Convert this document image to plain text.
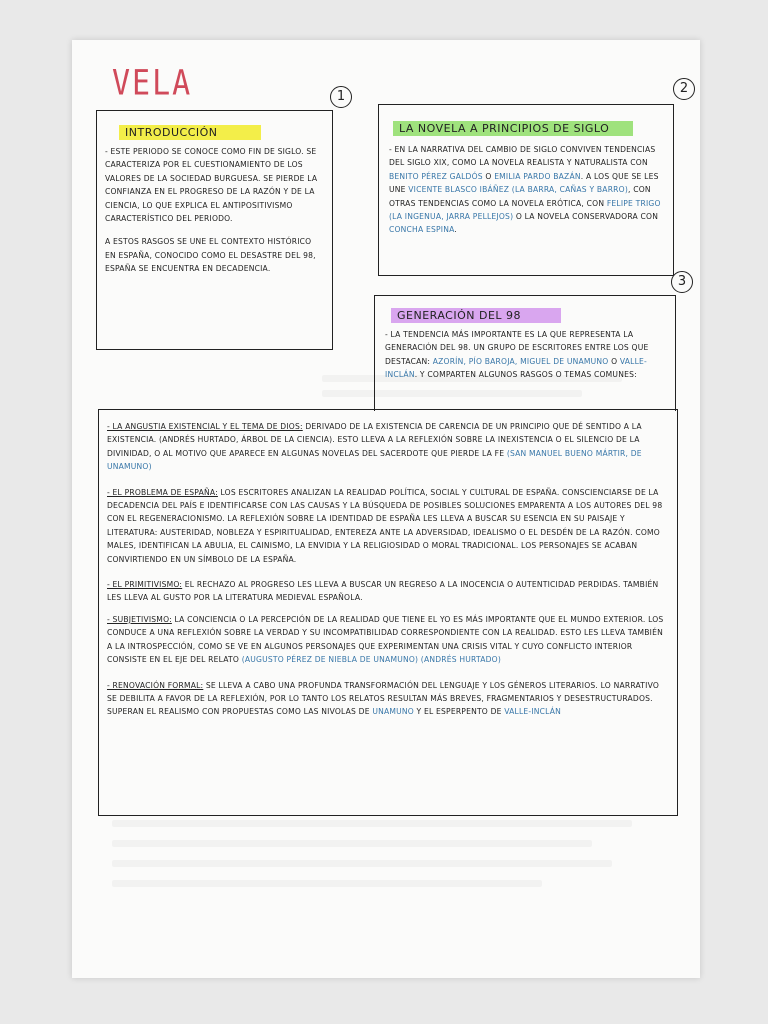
VELA	1
2
3
INTRODUCCIÓN

- ESTE PERIODO SE CONOCE COMO FIN DE SIGLO. SE CARACTERIZA POR EL CUESTIONAMIENTO DE LOS VALORES DE LA SOCIEDAD BURGUESA. SE PIERDE LA CONFIANZA EN EL PROGRESO DE LA RAZÓN Y DE LA CIENCIA, LO QUE EXPLICA EL ANTIPOSITIVISMO CARACTERÍSTICO DEL PERIODO.

A ESTOS RASGOS SE UNE EL CONTEXTO HISTÓRICO EN ESPAÑA, CONOCIDO COMO EL DESASTRE DEL 98, ESPAÑA SE ENCUENTRA EN DECADENCIA.

LA NOVELA A PRINCIPIOS DE SIGLO
- EN LA NARRATIVA DEL CAMBIO DE SIGLO CONVIVEN TENDENCIAS DEL SIGLO XIX, COMO LA NOVELA REALISTA Y NATURALISTA CON BENITO PÉREZ GALDÓS O EMILIA PARDO BAZÁN. A LOS QUE SE LES UNE VICENTE BLASCO IBÁÑEZ (LA BARRA, CAÑAS Y BARRO), CON OTRAS TENDENCIAS COMO LA NOVELA ERÓTICA, CON FELIPE TRIGO (LA INGENUA, JARRA PELLEJOS) O LA NOVELA CONSERVADORA CON CONCHA ESPINA.
GENERACIÓN DEL 98
- LA TENDENCIA MÁS IMPORTANTE ES LA QUE REPRESENTA LA GENERACIÓN DEL 98. UN GRUPO DE ESCRITORES ENTRE LOS QUE DESTACAN: AZORÍN, PÍO BAROJA, MIGUEL DE UNAMUNO O VALLE-INCLÁN. Y COMPARTEN ALGUNOS RASGOS O TEMAS COMUNES:

- LA ANGUSTIA EXISTENCIAL Y EL TEMA DE DIOS: DERIVADO DE LA EXISTENCIA DE CARENCIA DE UN PRINCIPIO QUE DÉ SENTIDO A LA EXISTENCIA. (ANDRÉS HURTADO, ÁRBOL DE LA CIENCIA). ESTO LLEVA A LA REFLEXIÓN SOBRE LA INEXISTENCIA O EL SILENCIO DE LA DIVINIDAD, O AL MOTIVO QUE APARECE EN ALGUNAS NOVELAS DEL SACERDOTE QUE PIERDE LA FE (SAN MANUEL BUENO MÁRTIR, DE UNAMUNO)

- EL PROBLEMA DE ESPAÑA: LOS ESCRITORES ANALIZAN LA REALIDAD POLÍTICA, SOCIAL Y CULTURAL DE ESPAÑA. CONSCIENCIARSE DE LA DECADENCIA DEL PAÍS E IDENTIFICARSE CON LAS CAUSAS Y LA BÚSQUEDA DE POSIBLES SOLUCIONES EMPARENTA A LOS AUTORES DEL 98 CON EL REGENERACIONISMO. LA REFLEXIÓN SOBRE LA IDENTIDAD DE ESPAÑA LES LLEVA A BUSCAR SU ESENCIA EN SU PAISAJE Y LITERATURA: AUSTERIDAD, NOBLEZA Y ESPIRITUALIDAD, ENTEREZA ANTE LA ADVERSIDAD, IDEALISMO O EL DESDÉN DE LA RAZÓN. COMO MALES, IDENTIFICAN LA ABULIA, EL CAINISMO, LA ENVIDIA Y LA RELIGIOSIDAD O MORAL TRADICIONAL. LOS PERSONAJES SE ACABAN CONVIRTIENDO EN UN SÍMBOLO DE LA ESPAÑA.

- EL PRIMITIVISMO: EL RECHAZO AL PROGRESO LES LLEVA A BUSCAR UN REGRESO A LA INOCENCIA O AUTENTICIDAD PERDIDAS. TAMBIÉN LES LLEVA AL GUSTO POR LA LITERATURA MEDIEVAL ESPAÑOLA.

- SUBJETIVISMO: LA CONCIENCIA O LA PERCEPCIÓN DE LA REALIDAD QUE TIENE EL YO ES MÁS IMPORTANTE QUE EL MUNDO EXTERIOR. LOS CONDUCE A UNA REFLEXIÓN SOBRE LA VERDAD Y SU INCOMPATIBILIDAD CORRESPONDIENTE CON LA REALIDAD. ESTO LES LLEVA TAMBIÉN A LA INTROSPECCIÓN, COMO SE VE EN ALGUNOS PERSONAJES QUE EXPERIMENTAN UNA CRISIS VITAL Y CUYO CONFLICTO INTERIOR CONSISTE EN EL EJE DEL RELATO (AUGUSTO PÉREZ DE NIEBLA DE UNAMUNO) (ANDRÉS HURTADO)

- RENOVACIÓN FORMAL: SE LLEVA A CABO UNA PROFUNDA TRANSFORMACIÓN DEL LENGUAJE Y LOS GÉNEROS LITERARIOS. LO NARRATIVO SE DEBILITA A FAVOR DE LA REFLEXIÓN, POR LO TANTO LOS RELATOS RESULTAN MÁS BREVES, FRAGMENTARIOS Y DESESTRUCTURADOS. SUPERAN EL REALISMO CON PROPUESTAS COMO LAS NIVOLAS DE UNAMUNO Y EL ESPERPENTO DE VALLE-INCLÁN
